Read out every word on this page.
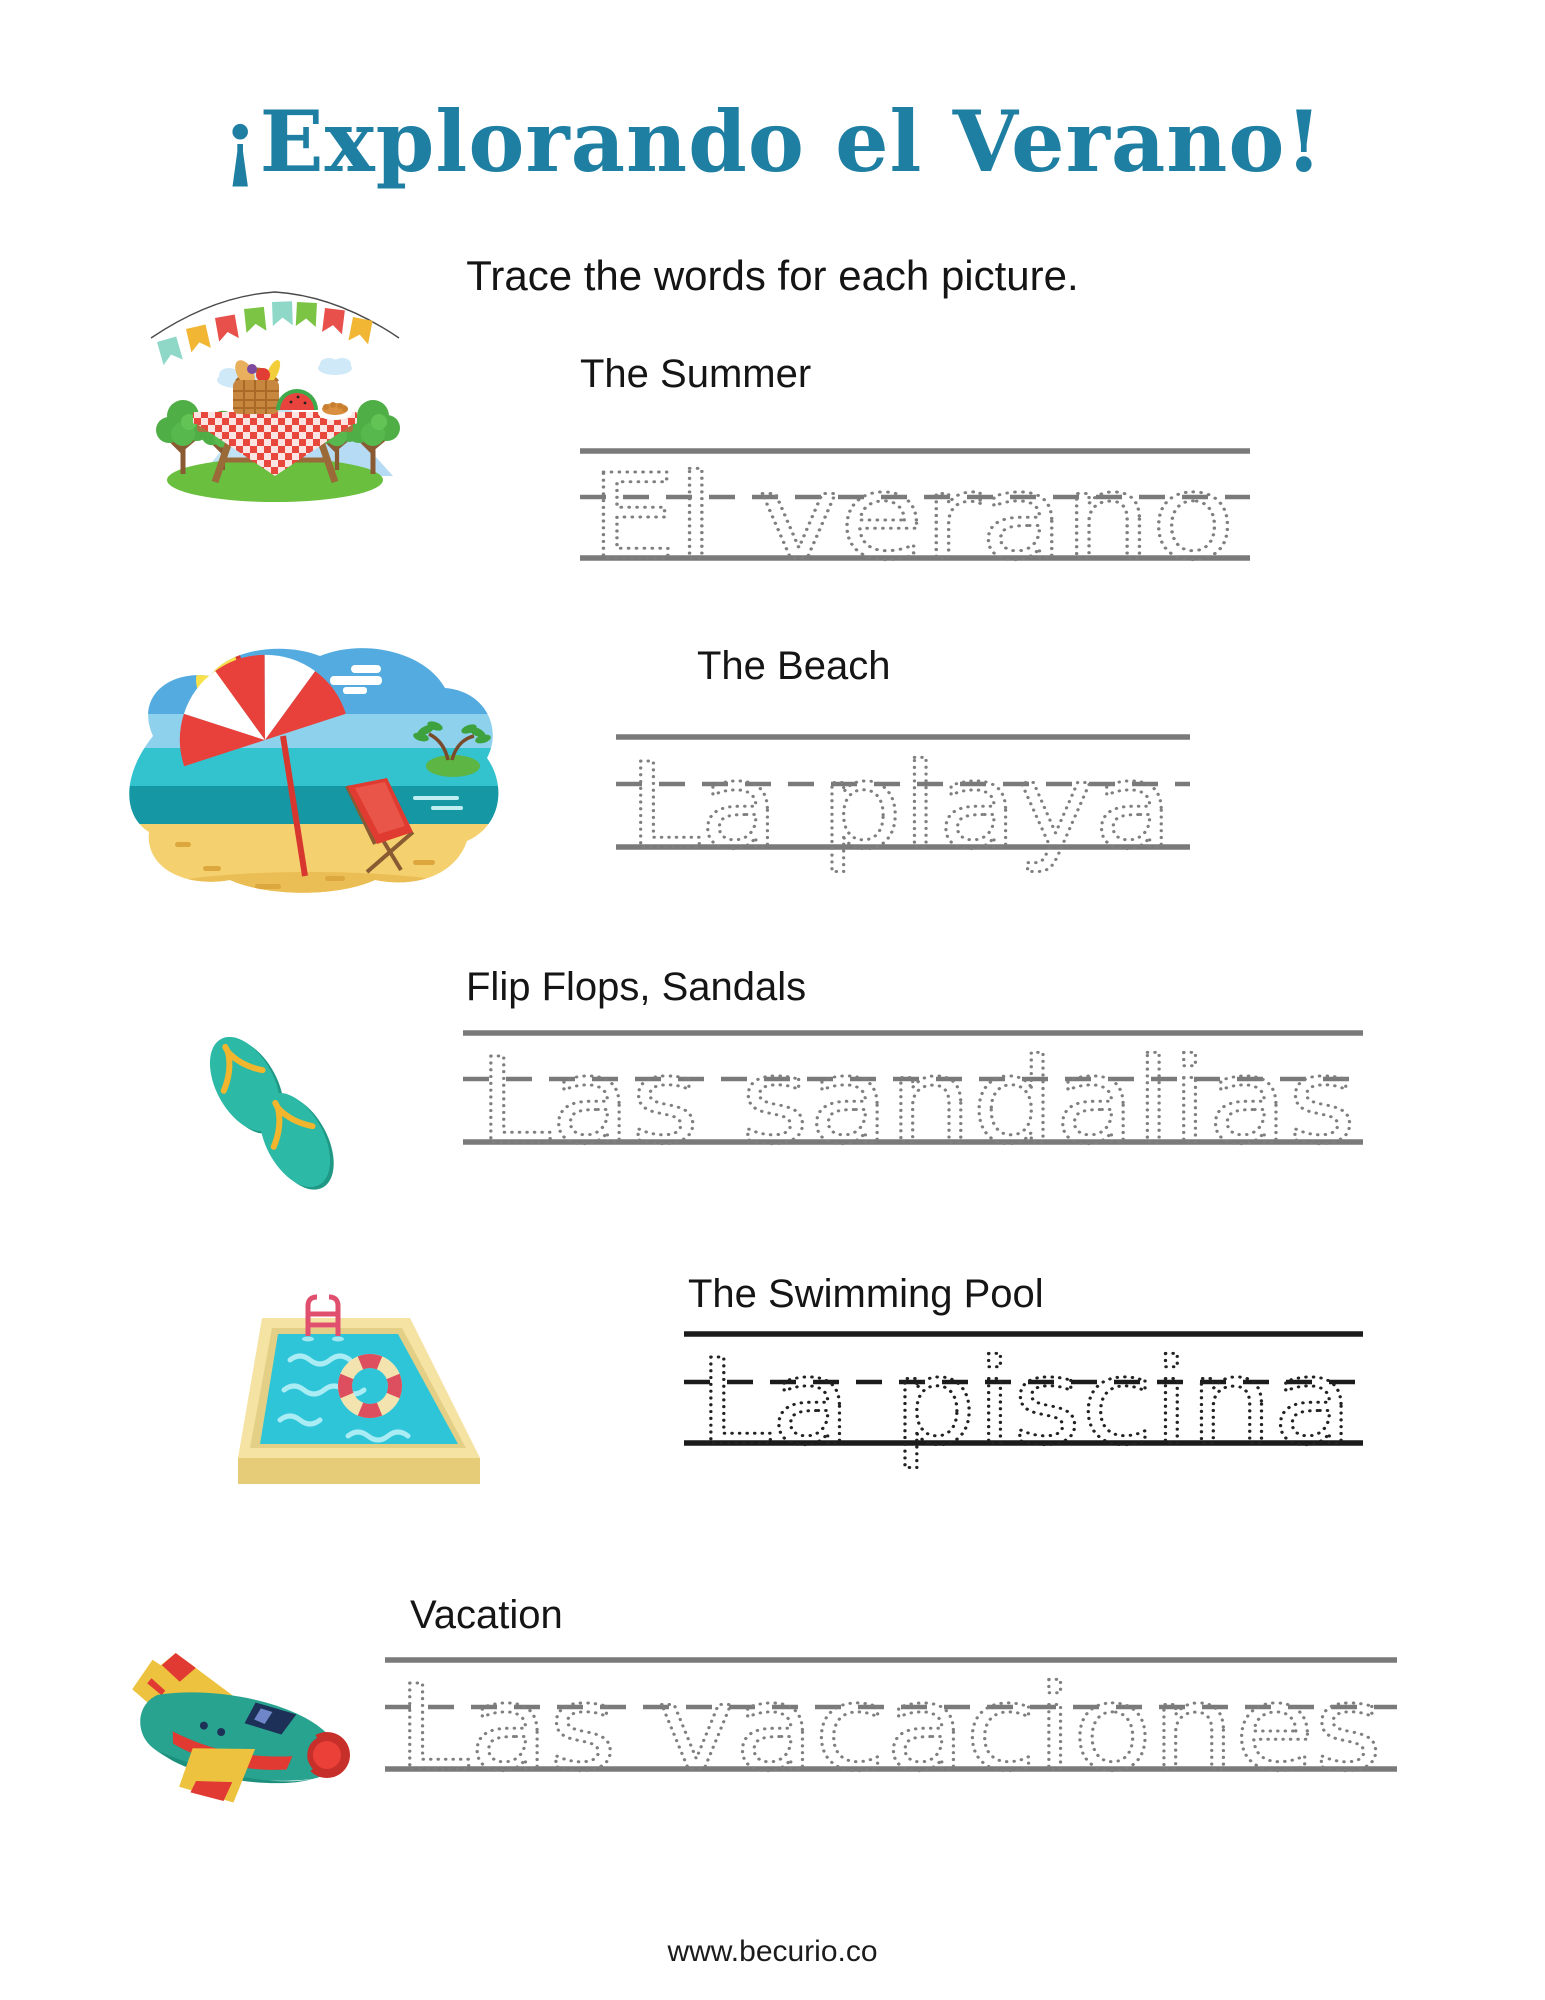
¡Explorando el Verano!
Trace the words for each picture.
The Summer
El verano
The Beach
La playa
Flip Flops, Sandals
Las sandalias
The Swimming Pool
La piscina
Vacation
Las vacaciones
www.becurio.co
